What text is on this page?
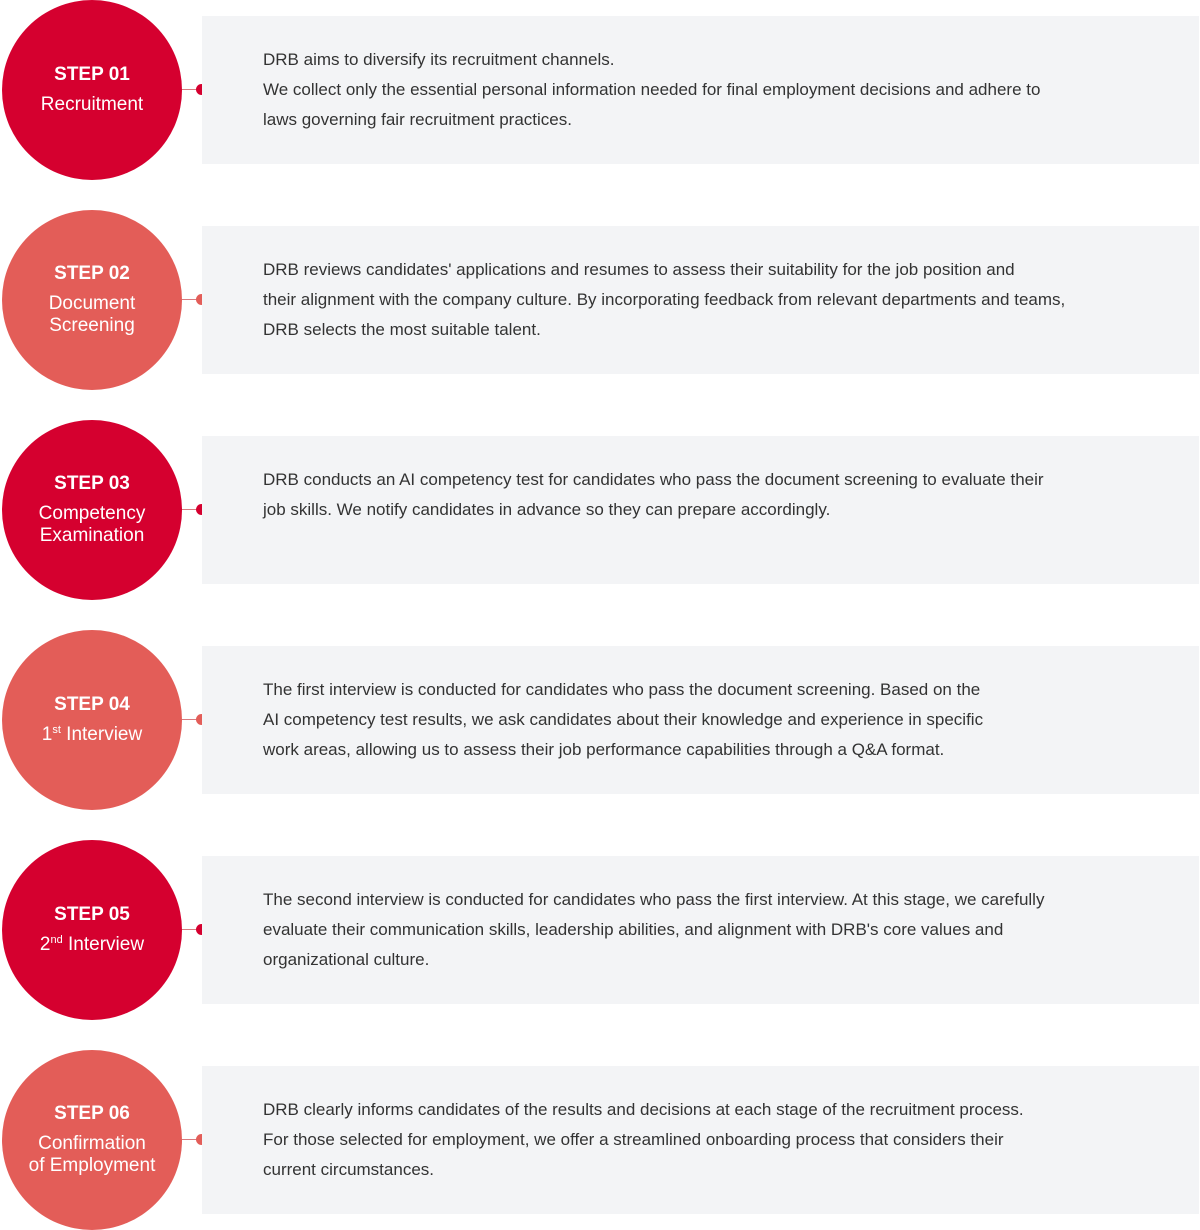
STEP 01
Recruitment
DRB aims to diversify its recruitment channels.
We collect only the essential personal information needed for final employment decisions and adhere to
laws governing fair recruitment practices.
STEP 02
Document
Screening
DRB reviews candidates' applications and resumes to assess their suitability for the job position and
their alignment with the company culture. By incorporating feedback from relevant departments and teams,
DRB selects the most suitable talent.
STEP 03
Competency
Examination
DRB conducts an AI competency test for candidates who pass the document screening to evaluate their
job skills. We notify candidates in advance so they can prepare accordingly.
STEP 04
1st Interview
The first interview is conducted for candidates who pass the document screening. Based on the
AI competency test results, we ask candidates about their knowledge and experience in specific
work areas, allowing us to assess their job performance capabilities through a Q&A format.
STEP 05
2nd Interview
The second interview is conducted for candidates who pass the first interview. At this stage, we carefully
evaluate their communication skills, leadership abilities, and alignment with DRB's core values and
organizational culture.
STEP 06
Confirmation
of Employment
DRB clearly informs candidates of the results and decisions at each stage of the recruitment process.
For those selected for employment, we offer a streamlined onboarding process that considers their
current circumstances.
